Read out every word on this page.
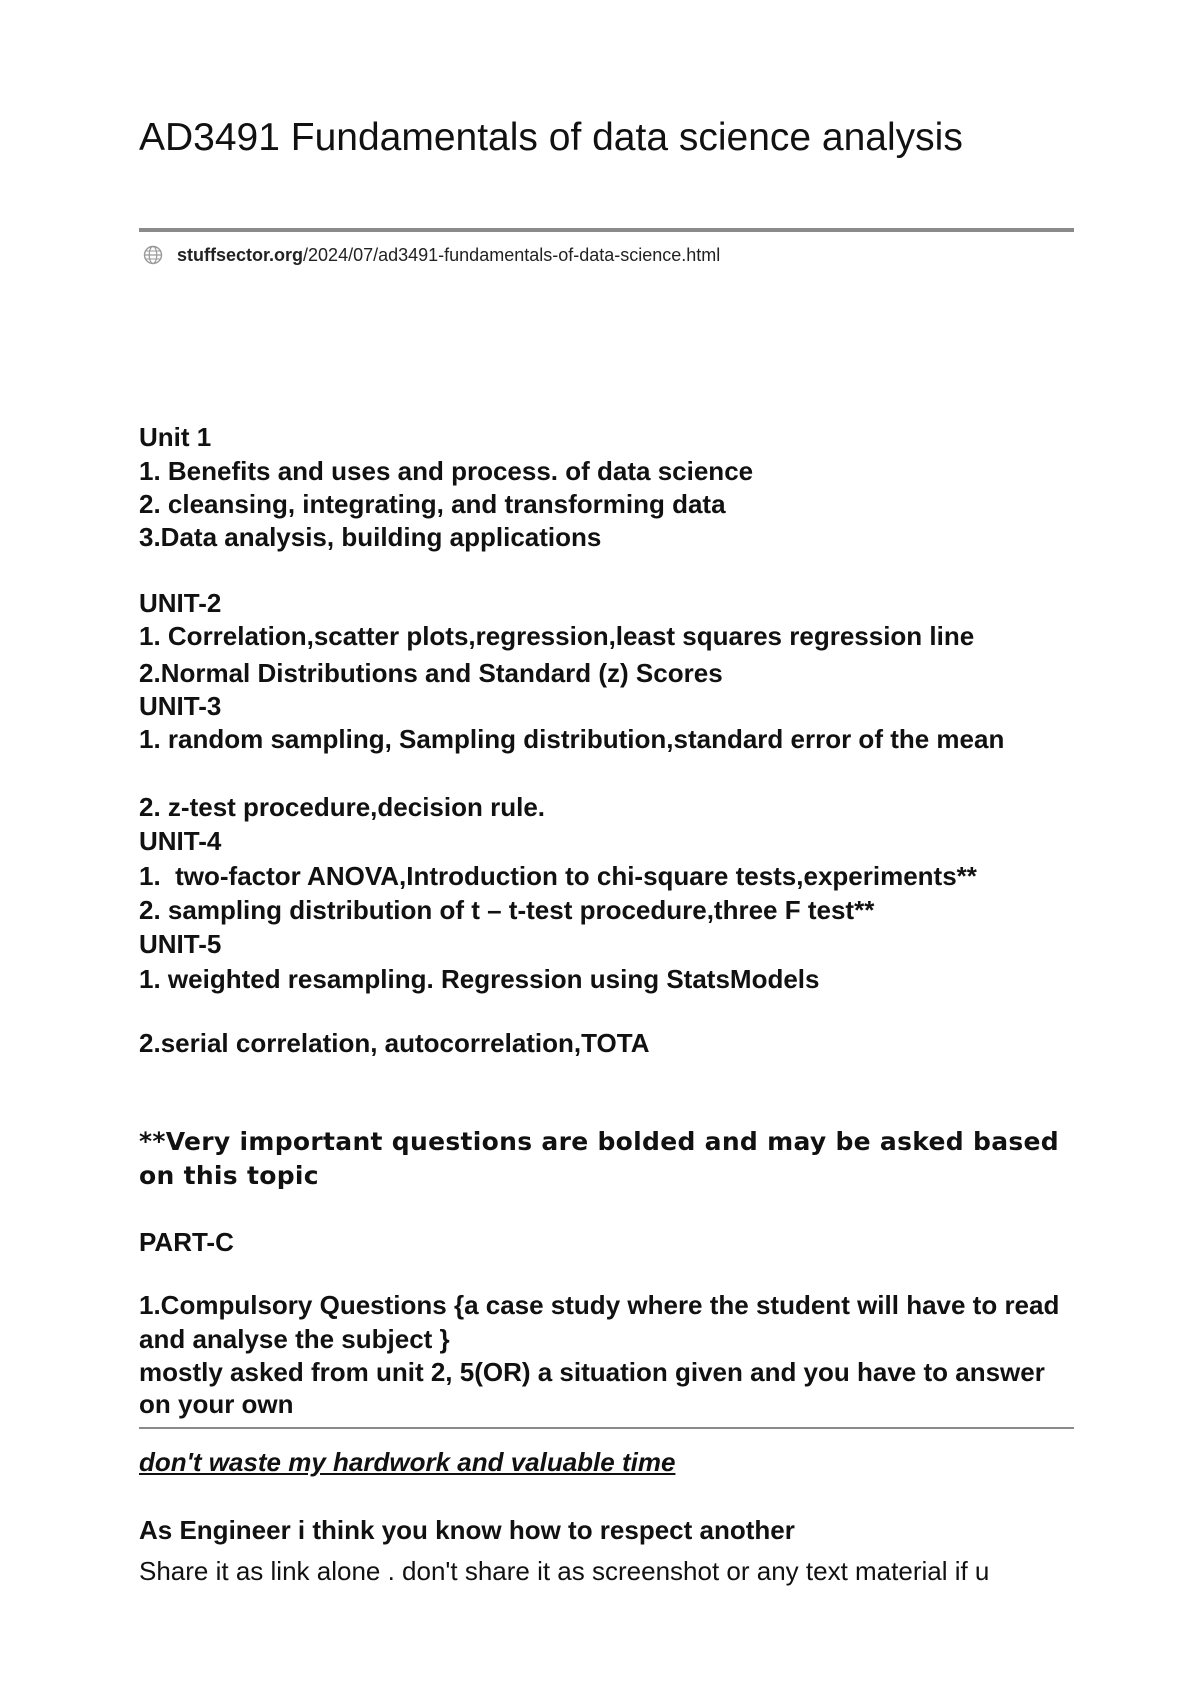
AD3491 Fundamentals of data science analysis
stuffsector.org /2024/07/ad3491-fundamentals-of-data-science.html
Unit 1
1. Benefits and uses and process. of data science
2. cleansing, integrating, and transforming data
3.Data analysis, building applications
UNIT-2
1. Correlation,scatter plots,regression,least squares regression line
2.Normal Distributions and Standard (z) Scores
UNIT-3
1. random sampling, Sampling distribution,standard error of the mean
2. z-test procedure,decision rule.
UNIT-4
1.  two-factor ANOVA,Introduction to chi-square tests,experiments**
2. sampling distribution of t – t-test procedure,three F test**
UNIT-5
1. weighted resampling. Regression using StatsModels
2.serial correlation, autocorrelation,TOTA
**Very important questions are bolded and may be asked based on this topic
PART-C
1.Compulsory Questions {a case study where the student will have to read and analyse the subject }
mostly asked from unit 2, 5(OR) a situation given and you have to answer on your own
don't waste my hardwork and valuable time
As Engineer i think you know how to respect another
Share it as link alone . don't share it as screenshot or any text material if u
